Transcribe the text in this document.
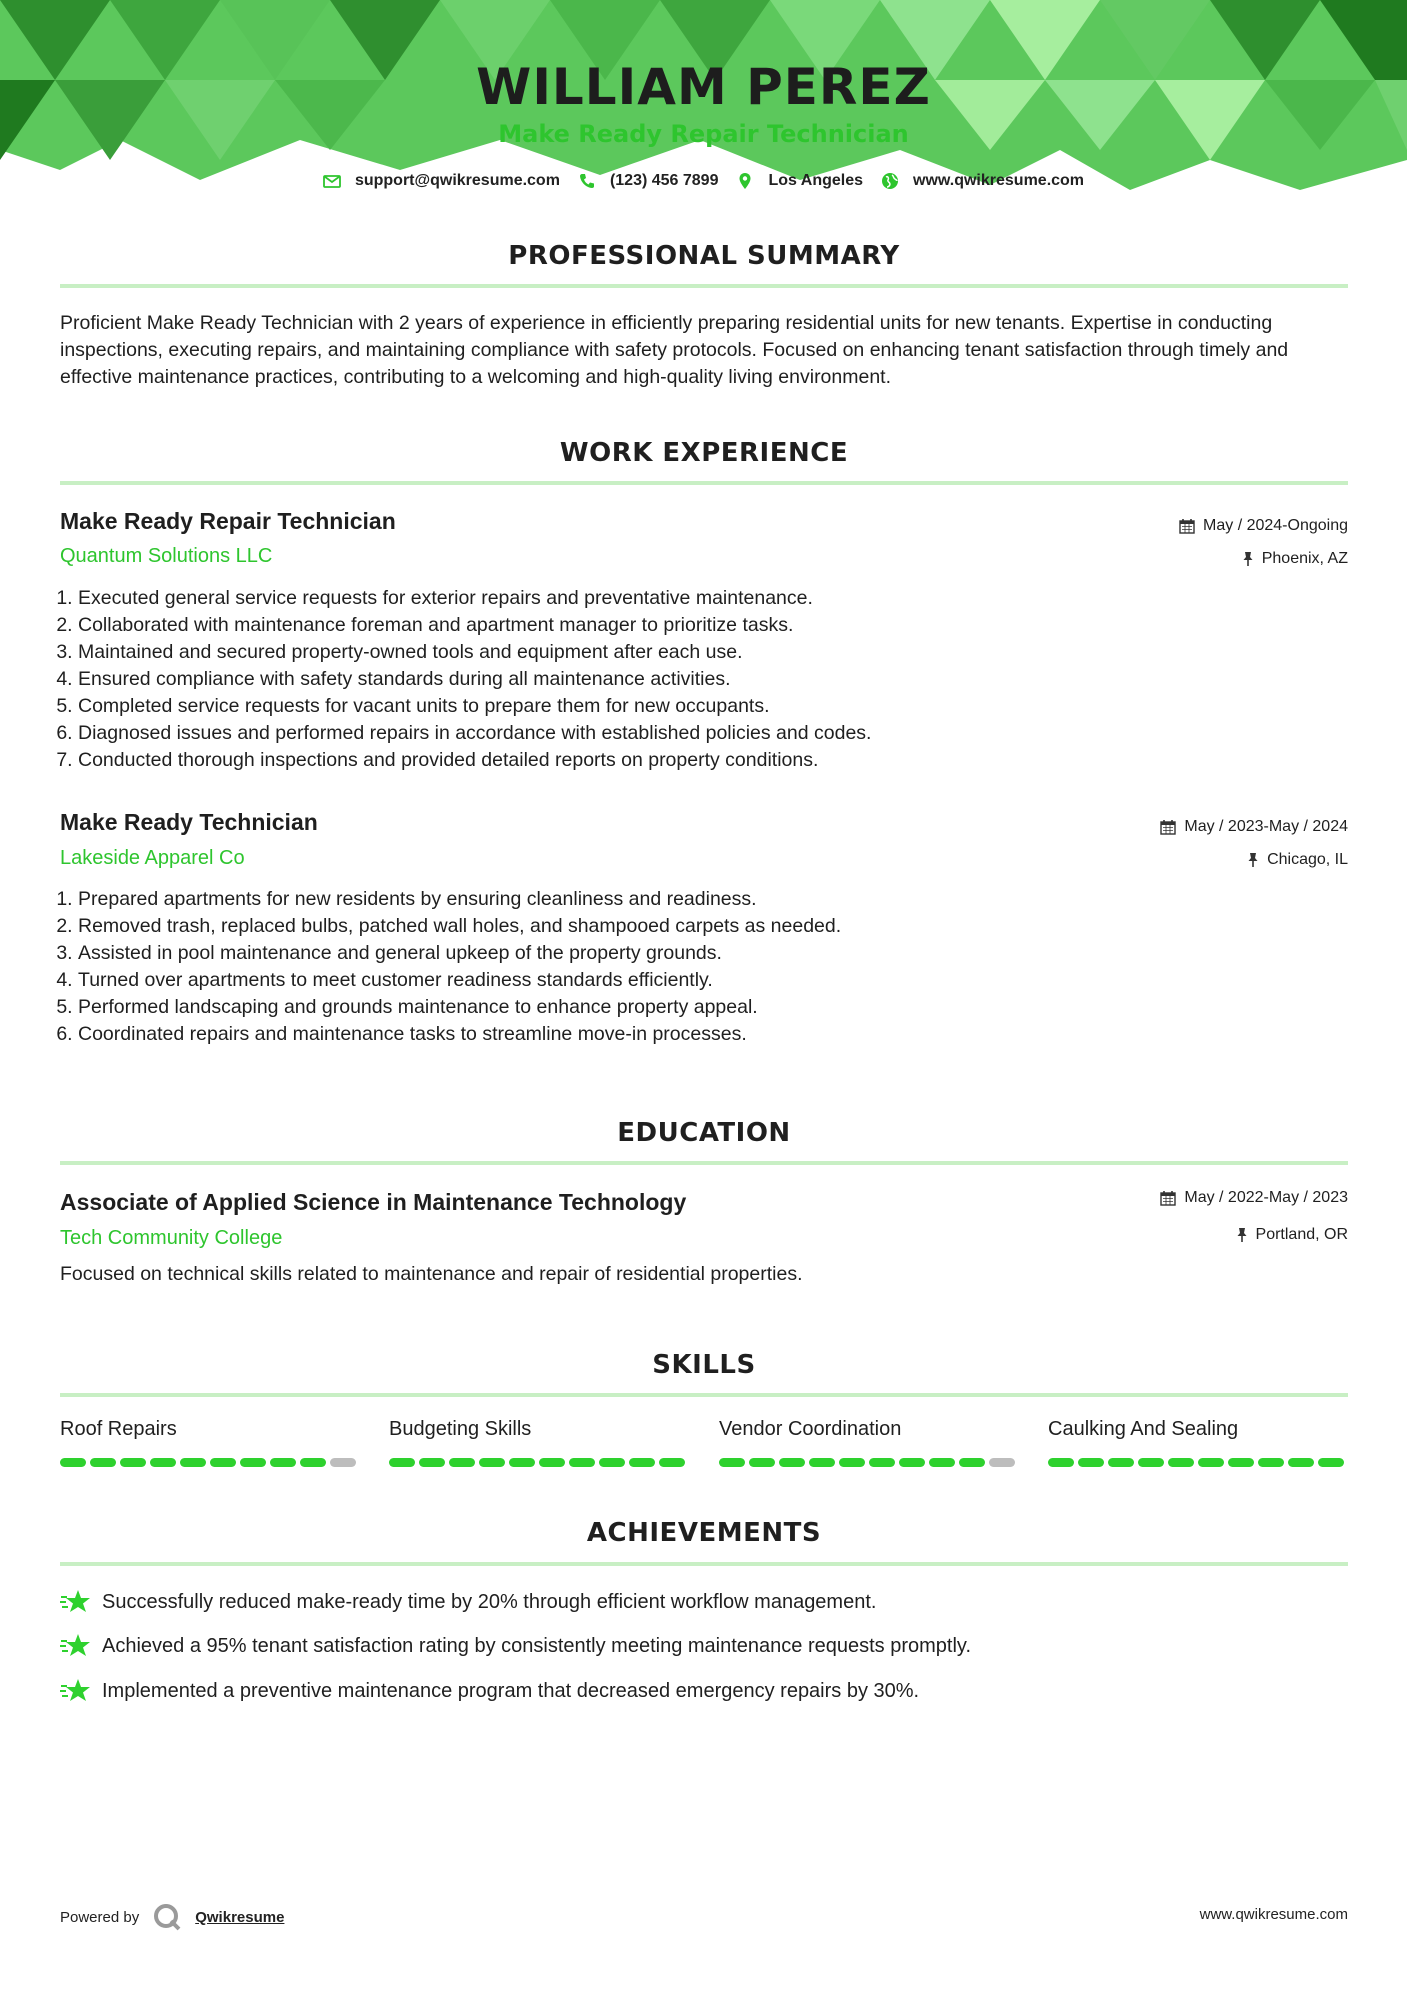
WILLIAM PEREZ
Make Ready Repair Technician
support@qwikresume.com	(123) 456 7899	Los Angeles	www.qwikresume.com
PROFESSIONAL SUMMARY
Proficient Make Ready Technician with 2 years of experience in efficiently preparing residential units for new tenants. Expertise in conducting inspections, executing repairs, and maintaining compliance with safety protocols. Focused on enhancing tenant satisfaction through timely and effective maintenance practices, contributing to a welcoming and high-quality living environment.
WORK EXPERIENCE
Make Ready Repair Technician
Quantum Solutions LLC
May / 2024-Ongoing
Phoenix, AZ
1. Executed general service requests for exterior repairs and preventative maintenance.
2. Collaborated with maintenance foreman and apartment manager to prioritize tasks.
3. Maintained and secured property-owned tools and equipment after each use.
4. Ensured compliance with safety standards during all maintenance activities.
5. Completed service requests for vacant units to prepare them for new occupants.
6. Diagnosed issues and performed repairs in accordance with established policies and codes.
7. Conducted thorough inspections and provided detailed reports on property conditions.
Make Ready Technician
Lakeside Apparel Co
May / 2023-May / 2024
Chicago, IL
1. Prepared apartments for new residents by ensuring cleanliness and readiness.
2. Removed trash, replaced bulbs, patched wall holes, and shampooed carpets as needed.
3. Assisted in pool maintenance and general upkeep of the property grounds.
4. Turned over apartments to meet customer readiness standards efficiently.
5. Performed landscaping and grounds maintenance to enhance property appeal.
6. Coordinated repairs and maintenance tasks to streamline move-in processes.
EDUCATION
Associate of Applied Science in Maintenance Technology
Tech Community College
May / 2022-May / 2023
Portland, OR
Focused on technical skills related to maintenance and repair of residential properties.
SKILLS
Roof Repairs	Budgeting Skills	Vendor Coordination	Caulking And Sealing
ACHIEVEMENTS
Successfully reduced make-ready time by 20% through efficient workflow management.
Achieved a 95% tenant satisfaction rating by consistently meeting maintenance requests promptly.
Implemented a preventive maintenance program that decreased emergency repairs by 30%.
Powered by	Qwikresume	www.qwikresume.com
